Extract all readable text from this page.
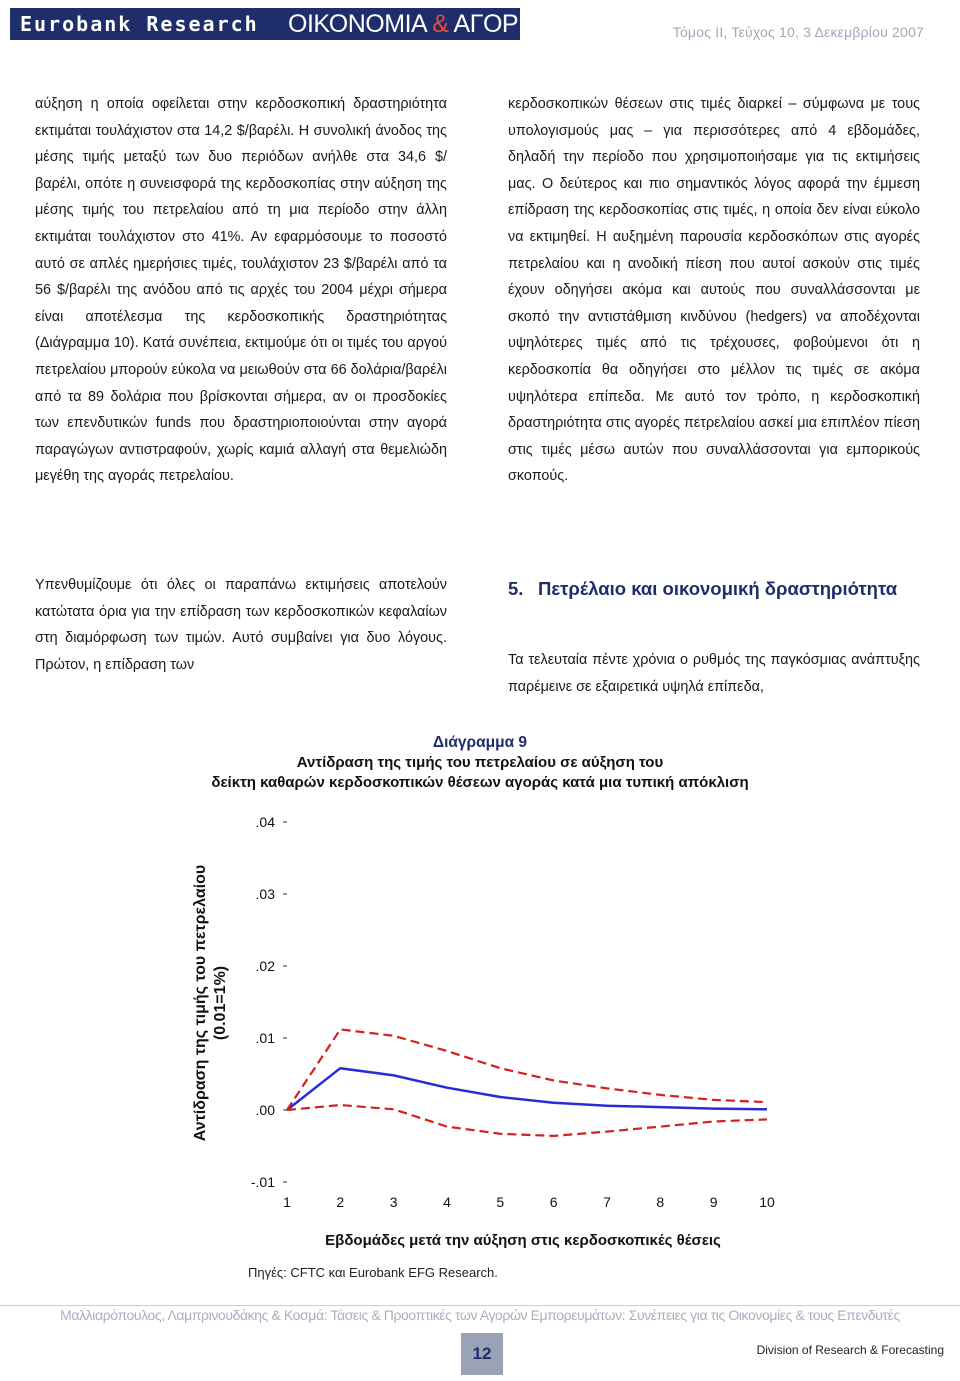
Eurobank Research	ΟΙΚΟΝΟΜΙΑ & ΑΓΟΡΕΣ	Τόμος ΙΙ, Τεύχος 10, 3 Δεκεμβρίου 2007

αύξηση η οποία οφείλεται στην κερδοσκοπική δραστηριότητα εκτιμάται τουλάχιστον στα 14,2 $/βαρέλι. Η συνολική άνοδος της μέσης τιμής μεταξύ των δυο περιόδων ανήλθε στα 34,6 $/βαρέλι, οπότε η συνεισφορά της κερδοσκοπίας στην αύξηση της μέσης τιμής του πετρελαίου από τη μια περίοδο στην άλλη εκτιμάται τουλάχιστον στο 41%. Αν εφαρμόσουμε το ποσοστό αυτό σε απλές ημερήσιες τιμές, τουλάχιστον 23 $/βαρέλι από τα 56 $/βαρέλι της ανόδου από τις αρχές του 2004 μέχρι σήμερα είναι αποτέλεσμα της κερδοσκοπικής δραστηριότητας (Διάγραμμα 10). Κατά συνέπεια, εκτιμούμε ότι οι τιμές του αργού πετρελαίου μπορούν εύκολα να μειωθούν στα 66 δολάρια/βαρέλι από τα 89 δολάρια που βρίσκονται σήμερα, αν οι προσδοκίες των επενδυτικών funds που δραστηριοποιούνται στην αγορά παραγώγων αντιστραφούν, χωρίς καμιά αλλαγή στα θεμελιώδη μεγέθη της αγοράς πετρελαίου.

Υπενθυμίζουμε ότι όλες οι παραπάνω εκτιμήσεις αποτελούν κατώτατα όρια για την επίδραση των κερδοσκοπικών κεφαλαίων στη διαμόρφωση των τιμών. Αυτό συμβαίνει για δυο λόγους. Πρώτον, η επίδραση των

κερδοσκοπικών θέσεων στις τιμές διαρκεί – σύμφωνα με τους υπολογισμούς μας – για περισσότερες από 4 εβδομάδες, δηλαδή την περίοδο που χρησιμοποιήσαμε για τις εκτιμήσεις μας. Ο δεύτερος και πιο σημαντικός λόγος αφορά την έμμεση επίδραση της κερδοσκοπίας στις τιμές, η οποία δεν είναι εύκολο να εκτιμηθεί. Η αυξημένη παρουσία κερδοσκόπων στις αγορές πετρελαίου και η ανοδική πίεση που αυτοί ασκούν στις τιμές έχουν οδηγήσει ακόμα και αυτούς που συναλλάσσονται με σκοπό την αντιστάθμιση κινδύνου (hedgers) να αποδέχονται υψηλότερες τιμές από τις τρέχουσες, φοβούμενοι ότι η κερδοσκοπία θα οδηγήσει στο μέλλον τις τιμές σε ακόμα υψηλότερα επίπεδα. Με αυτό τον τρόπο, η κερδοσκοπική δραστηριότητα στις αγορές πετρελαίου ασκεί μια επιπλέον πίεση στις τιμές μέσω αυτών που συναλλάσσονται για εμπορικούς σκοπούς.

5. Πετρέλαιο και οικονομική δραστηριότητα

Τα τελευταία πέντε χρόνια ο ρυθμός της παγκόσμιας ανάπτυξης παρέμεινε σε εξαιρετικά υψηλά επίπεδα,

Διάγραμμα 9
Αντίδραση της τιμής του πετρελαίου σε αύξηση του
δείκτη καθαρών κερδοσκοπικών θέσεων αγοράς κατά μια τυπική απόκλιση
-.01
.00
.01
.02
.03
.04
1	2	3	4	5	6	7	8	9	10
Αντίδραση της τιμής του πετρελαίου (0.01=1%)
Εβδομάδες μετά την αύξηση στις κερδοσκοπικές θέσεις
Πηγές: CFTC και Eurobank EFG Research.
Μαλλιαρόπουλος, Λαμπρινουδάκης & Κοσμά: Τάσεις & Προοπτικές των Αγορών Εμπορευμάτων: Συνέπειες για τις Οικονομίες & τους Επενδυτές
12	Division of Research & Forecasting
